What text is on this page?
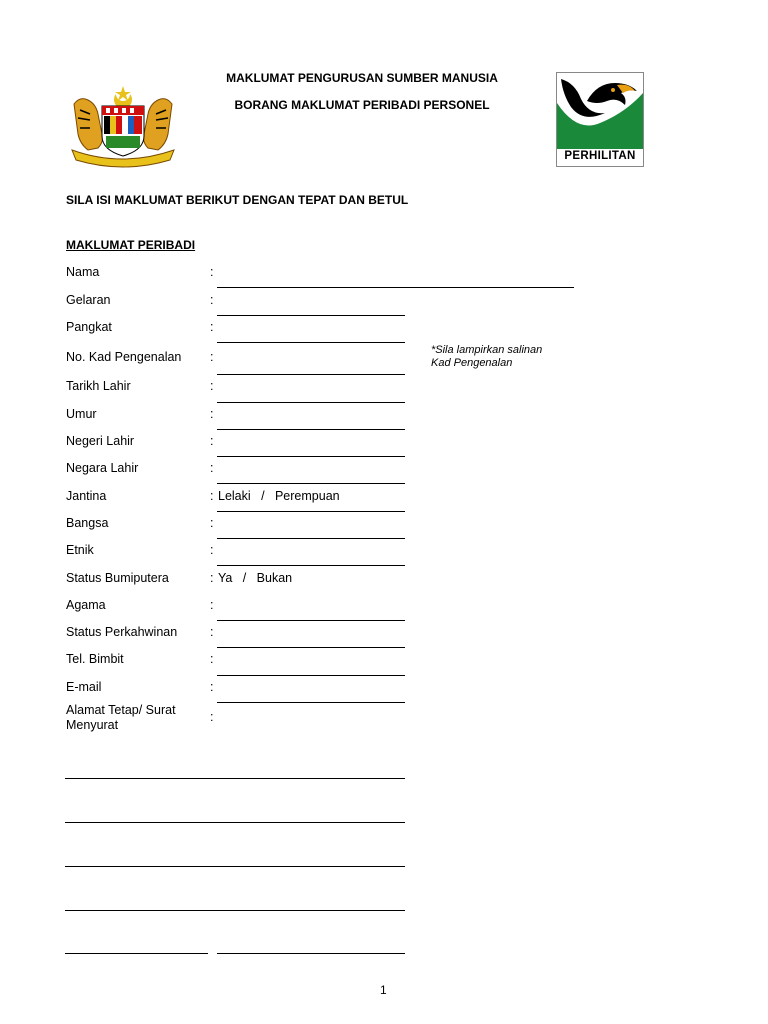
MAKLUMAT PENGURUSAN SUMBER MANUSIA
BORANG MAKLUMAT PERIBADI PERSONEL
PERHILITAN
SILA ISI MAKLUMAT BERIKUT DENGAN TEPAT DAN BETUL
MAKLUMAT PERIBADI
Nama	:
Gelaran	:
Pangkat	:
No. Kad Pengenalan :	*Sila lampirkan salinan
Kad Pengenalan
Tarikh Lahir	:
Umur	:
Negeri Lahir	:
Negara Lahir	:
Jantina	: Lelaki   /   Perempuan
Bangsa	:
Etnik	:
Status Bumiputera	: Ya   /   Bukan
Agama	:
Status Perkahwinan	:
Tel. Bimbit	:
E-mail	:
Alamat Tetap/ Surat
Menyurat
:
1
